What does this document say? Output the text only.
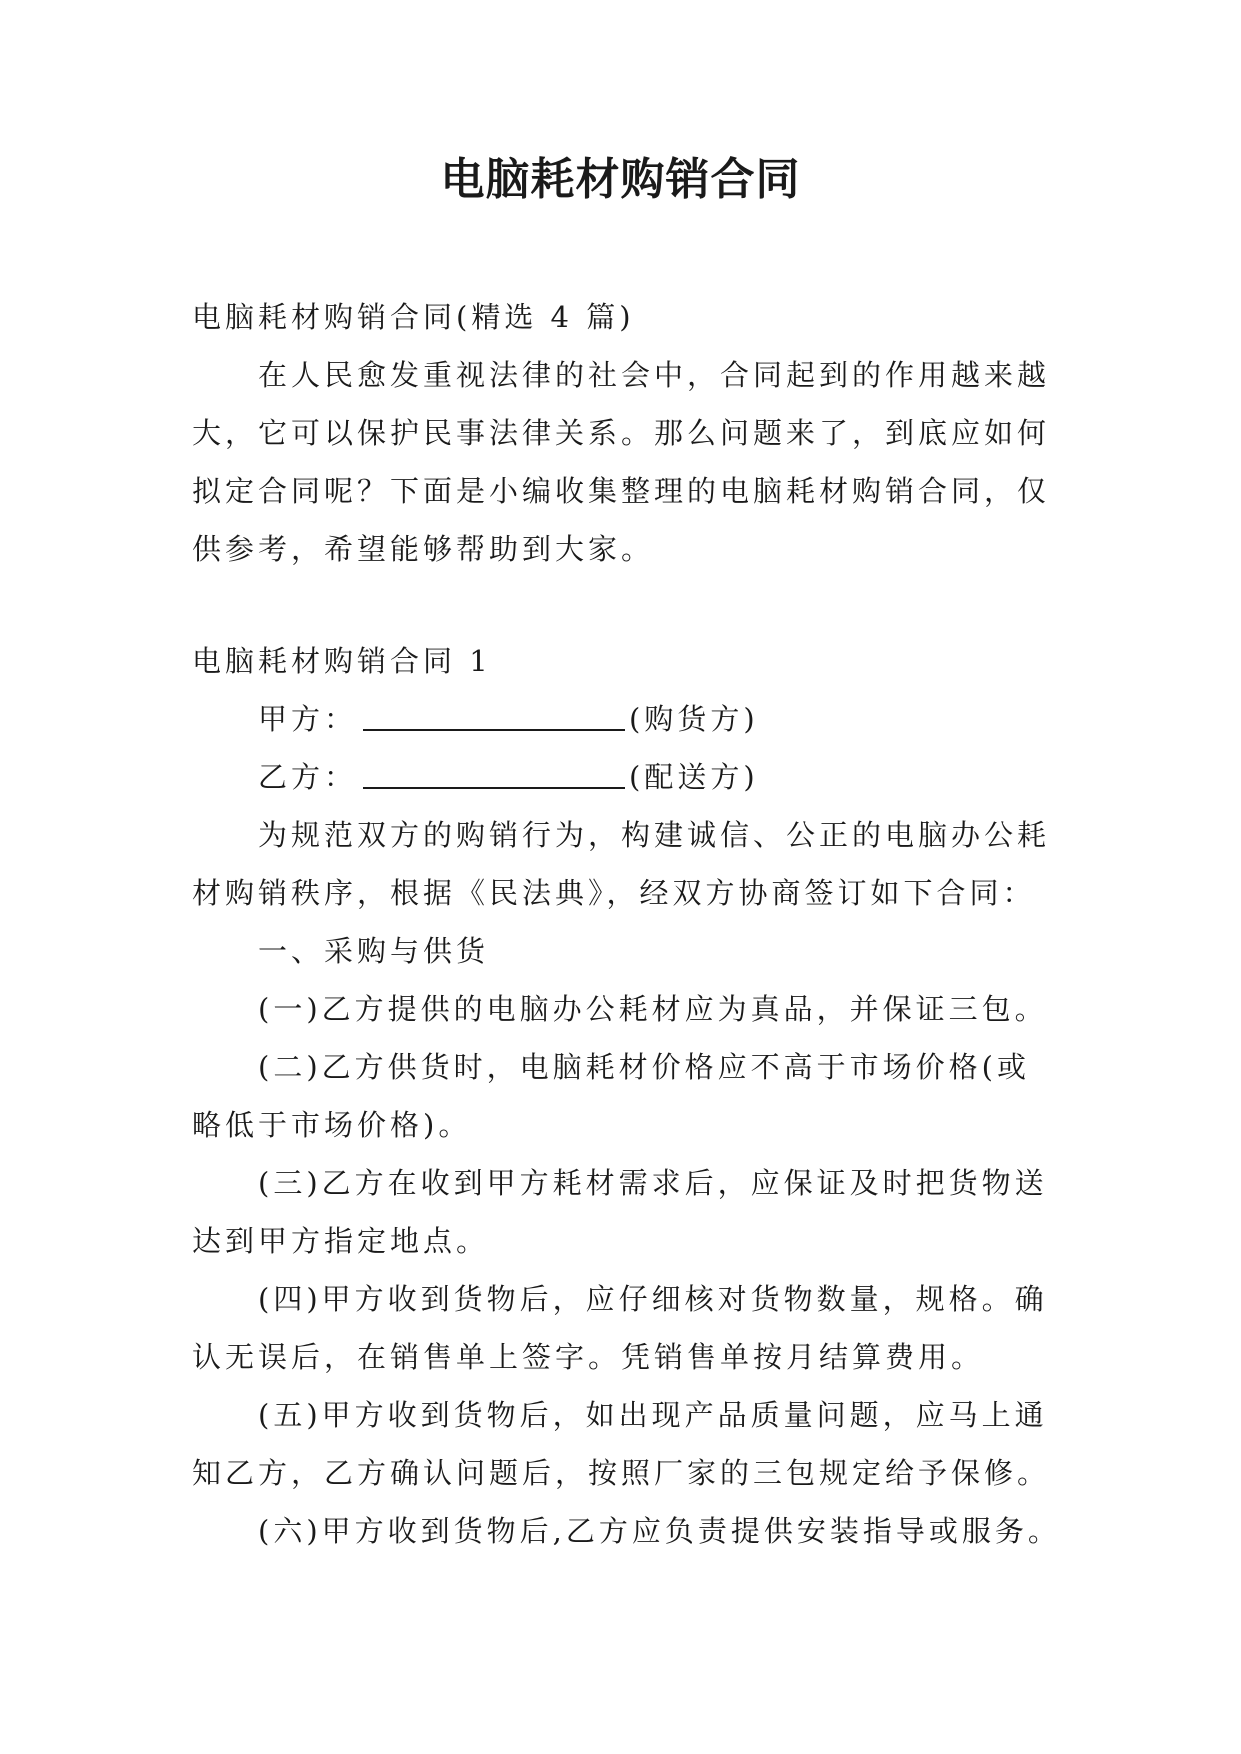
电脑耗材购销合同

电脑耗材购销合同(精选 4 篇)

在人民愈发重视法律的社会中，合同起到的作用越来越

大，它可以保护民事法律关系。那么问题来了，到底应如何

拟定合同呢？下面是小编收集整理的电脑耗材购销合同，仅

供参考，希望能够帮助到大家。

电脑耗材购销合同 1

甲方：	(购货方)

乙方：	(配送方)

为规范双方的购销行为，构建诚信、公正的电脑办公耗

材购销秩序，根据《民法典》，经双方协商签订如下合同：

一、采购与供货

(一)乙方提供的电脑办公耗材应为真品，并保证三包。

(二)乙方供货时，电脑耗材价格应不高于市场价格(或

略低于市场价格)。

(三)乙方在收到甲方耗材需求后，应保证及时把货物送

达到甲方指定地点。

(四)甲方收到货物后，应仔细核对货物数量，规格。确

认无误后，在销售单上签字。凭销售单按月结算费用。

(五)甲方收到货物后，如出现产品质量问题，应马上通

知乙方，乙方确认问题后，按照厂家的三包规定给予保修。

(六)甲方收到货物后,乙方应负责提供安装指导或服务。
